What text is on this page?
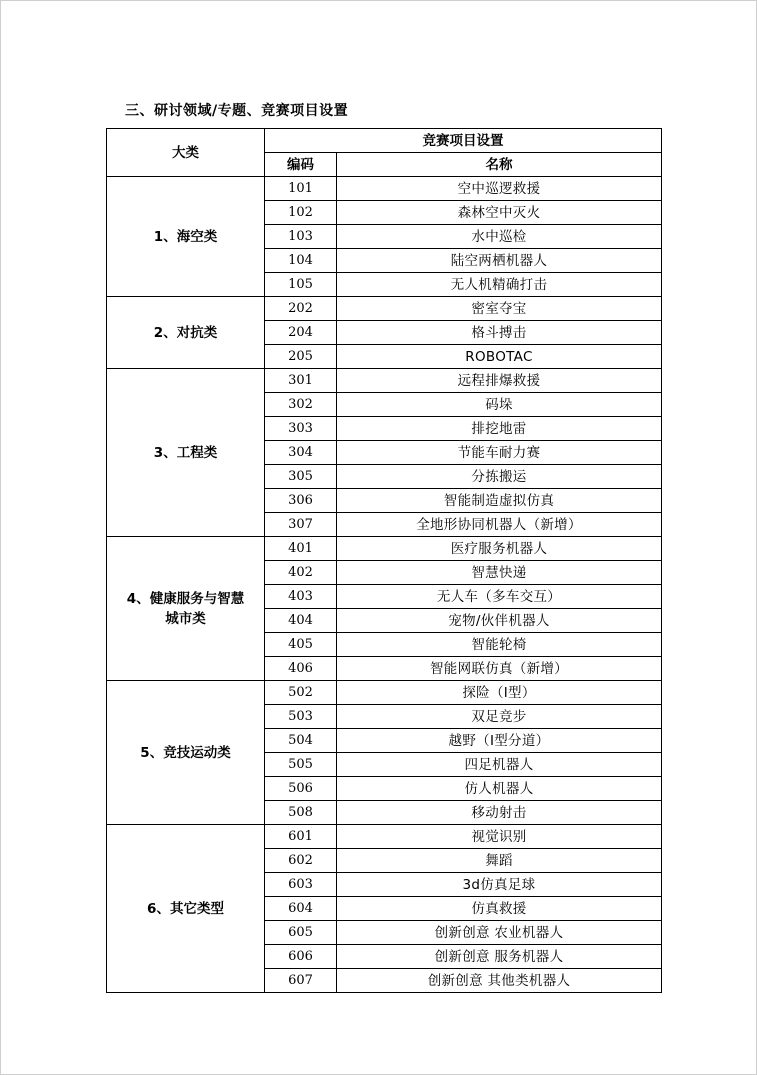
三、研讨领域/专题、竞赛项目设置
大类	竞赛项目设置	
	编码	名称
1、海空类	101	空中巡逻救援
	102	森林空中灭火
	103	水中巡检
	104	陆空两栖机器人
	105	无人机精确打击
2、对抗类	202	密室夺宝
	204	格斗搏击
	205	ROBOTAC
3、工程类	301	远程排爆救援
	302	码垛
	303	排挖地雷
	304	节能车耐力赛
	305	分拣搬运
	306	智能制造虚拟仿真
	307	全地形协同机器人（新增）

4、健康服务与智慧
城市类	401	医疗服务机器人
	402	智慧快递
	403	无人车（多车交互）
	404	宠物/伙伴机器人
	405	智能轮椅
	406	智能网联仿真（新增）
5、竞技运动类	502	探险（Ⅰ型）
	503	双足竞步
	504	越野（Ⅰ型分道）
	505	四足机器人
	506	仿人机器人
	508	移动射击
6、其它类型	601	视觉识别
	602	舞蹈
	603	3d仿真足球
	604	仿真救援
	605	创新创意 农业机器人
	606	创新创意 服务机器人
	607	创新创意 其他类机器人
